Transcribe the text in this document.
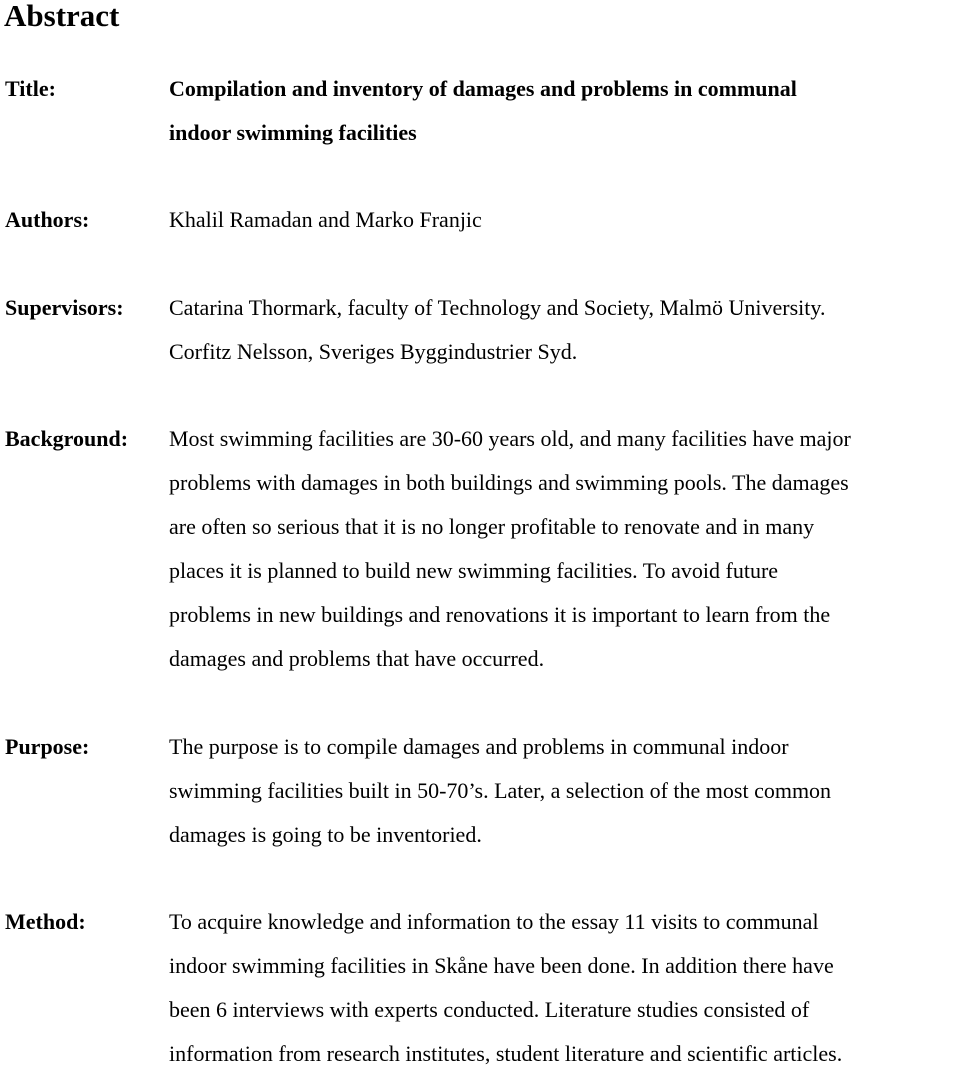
Abstract
Title:	Compilation and inventory of damages and problems in communal
indoor swimming facilities
Authors:	Khalil Ramadan and Marko Franjic
Supervisors: Catarina Thormark, faculty of Technology and Society, Malmö University.
Corfitz Nelsson, Sveriges Byggindustrier Syd.
Background: Most swimming facilities are 30-60 years old, and many facilities have major
problems with damages in both buildings and swimming pools. The damages
are often so serious that it is no longer profitable to renovate and in many
places it is planned to build new swimming facilities. To avoid future
problems in new buildings and renovations it is important to learn from the
damages and problems that have occurred.
Purpose:	The purpose is to compile damages and problems in communal indoor
swimming facilities built in 50-70’s. Later, a selection of the most common
damages is going to be inventoried.
Method:	To acquire knowledge and information to the essay 11 visits to communal
indoor swimming facilities in Skåne have been done. In addition there have
been 6 interviews with experts conducted. Literature studies consisted of
information from research institutes, student literature and scientific articles.
